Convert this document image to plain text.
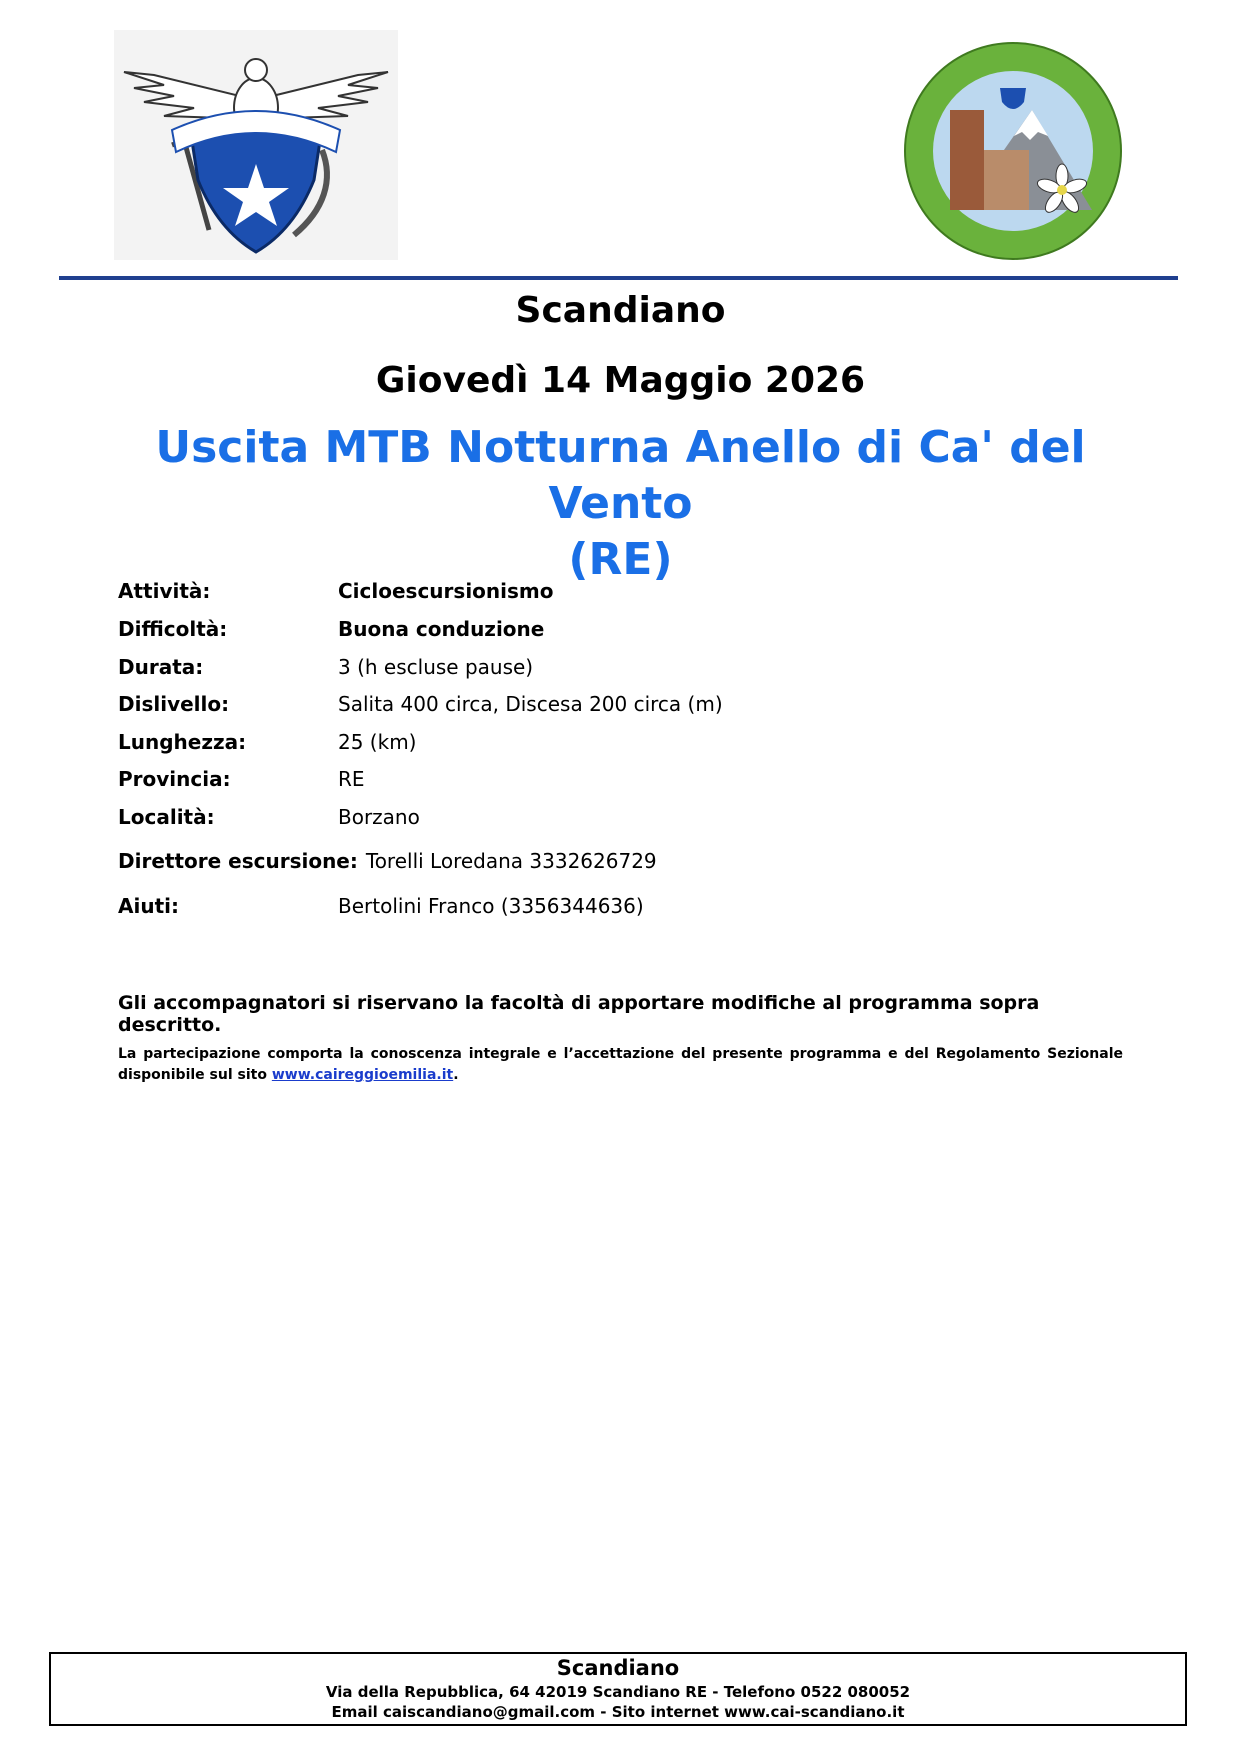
Scandiano
Giovedì 14 Maggio 2026
Uscita MTB Notturna Anello di Ca' del Vento
(RE)
Attività:	Cicloescursionismo
Difficoltà:	Buona conduzione
Durata:	3 (h escluse pause)
Dislivello:	Salita 400 circa, Discesa 200 circa (m)
Lunghezza:	25 (km)
Provincia:	RE
Località:	Borzano
Direttore escursione: Torelli Loredana 3332626729
Aiuti:	Bertolini Franco (3356344636)
Gli accompagnatori si riservano la facoltà di apportare modifiche al programma sopra descritto.
La partecipazione comporta la conoscenza integrale e l’accettazione del presente programma e del Regolamento Sezionale disponibile sul sito www.caireggioemilia.it.
Scandiano
Via della Repubblica, 64 42019 Scandiano RE - Telefono 0522 080052
Email caiscandiano@gmail.com - Sito internet www.cai-scandiano.it
